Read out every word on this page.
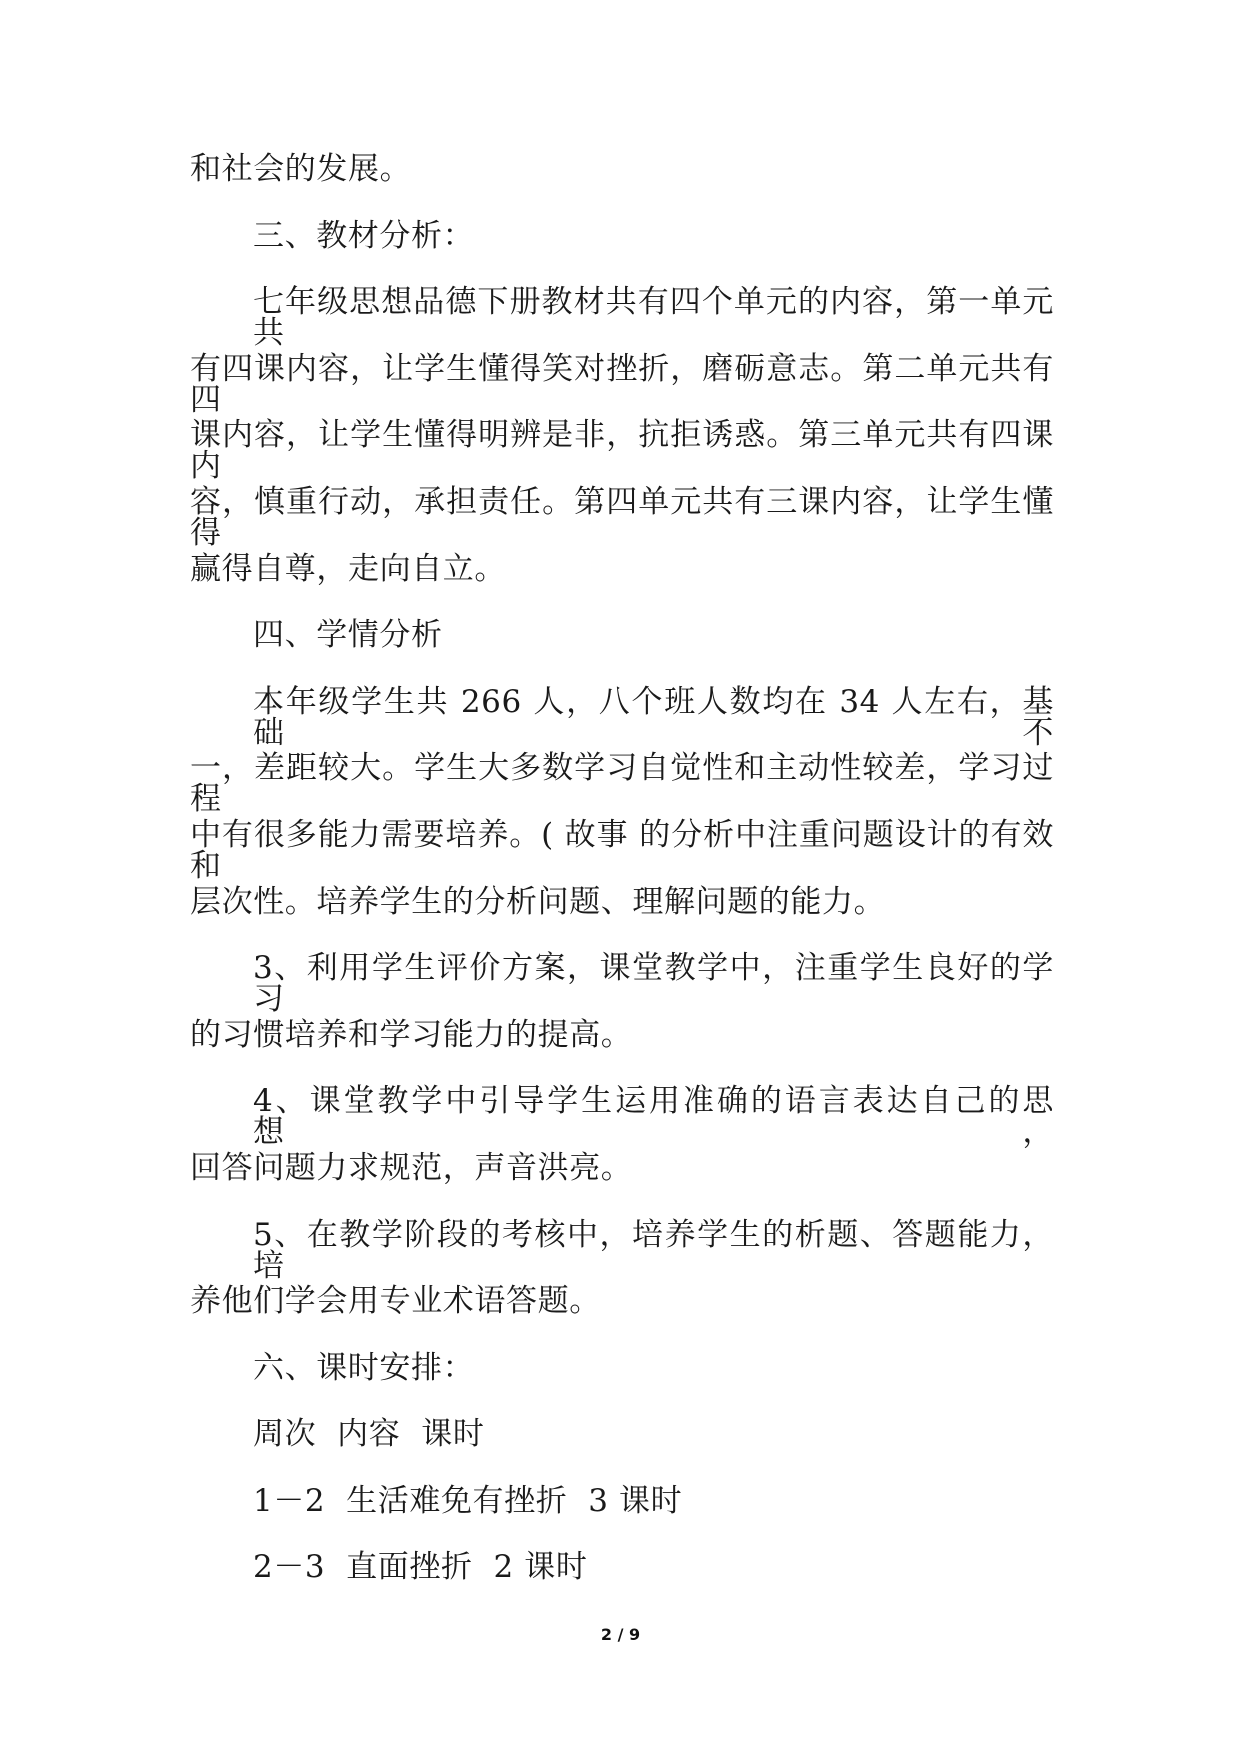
和社会的发展。
三、教材分析：
七年级思想品德下册教材共有四个单元的内容，第一单元共
有四课内容，让学生懂得笑对挫折，磨砺意志。第二单元共有四
课内容，让学生懂得明辨是非，抗拒诱惑。第三单元共有四课内
容，慎重行动，承担责任。第四单元共有三课内容，让学生懂得
赢得自尊，走向自立。
四、学情分析
本年级学生共 266 人，八个班人数均在 34 人左右，基础不
一，差距较大。学生大多数学习自觉性和主动性较差，学习过程
中有很多能力需要培养。( 故事 的分析中注重问题设计的有效和
层次性。培养学生的分析问题、理解问题的能力。
3、利用学生评价方案，课堂教学中，注重学生良好的学习
的习惯培养和学习能力的提高。
4、课堂教学中引导学生运用准确的语言表达自己的思想，
回答问题力求规范，声音洪亮。
5、在教学阶段的考核中，培养学生的析题、答题能力，培
养他们学会用专业术语答题。
六、课时安排：
周次  内容  课时
1－2  生活难免有挫折  3 课时
2－3  直面挫折  2 课时
2 / 9
